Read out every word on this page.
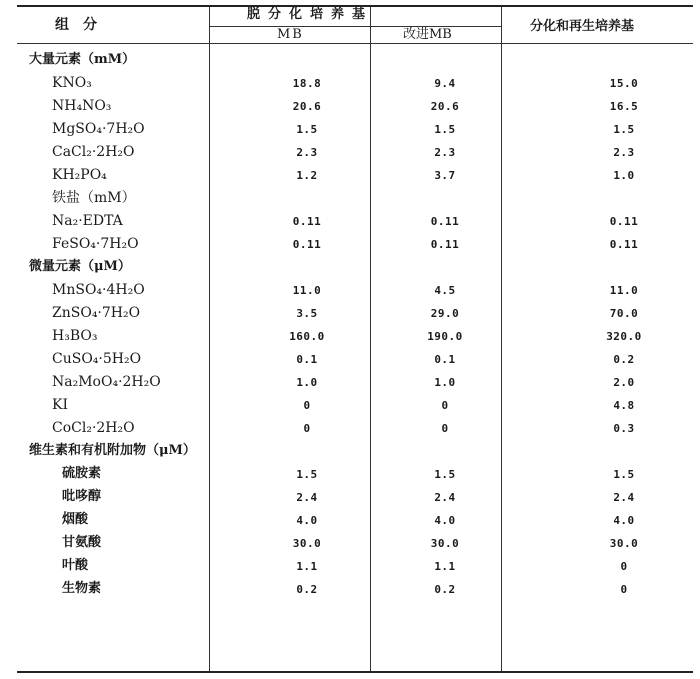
组分
脱分化培养基
MB	改进MB
分化和再生培养基
大量元素（mM）
KNO₃	18.8	9.4	15.0
NH₄NO₃	20.6	20.6	16.5
MgSO₄·7H₂O	1.5	1.5	1.5
CaCl₂·2H₂O	2.3	2.3	2.3
KH₂PO₄	1.2	3.7	1.0
铁盐（mM）
Na₂·EDTA	0.11	0.11	0.11
FeSO₄·7H₂O	0.11	0.11	0.11
微量元素（μM）
MnSO₄·4H₂O	11.0	4.5	11.0
ZnSO₄·7H₂O	3.5	29.0	70.0
H₃BO₃	160.0	190.0	320.0
CuSO₄·5H₂O	0.1	0.1	0.2
Na₂MoO₄·2H₂O	1.0	1.0	2.0
KI	0	0	4.8
CoCl₂·2H₂O	0	0	0.3
维生素和有机附加物（μM）
硫胺素	1.5	1.5	1.5
吡哆醇	2.4	2.4	2.4
烟酸	4.0	4.0	4.0
甘氨酸	30.0	30.0	30.0
叶酸	1.1	1.1	0
生物素	0.2	0.2	0
